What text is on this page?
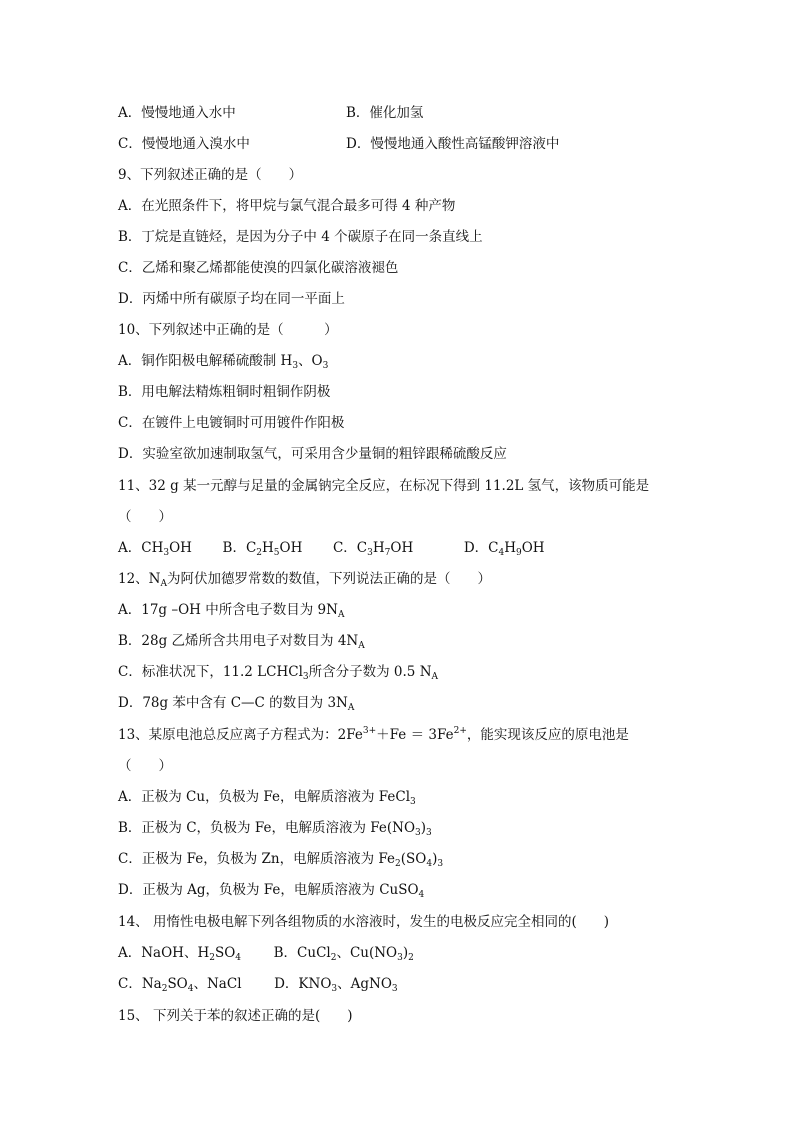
A．慢慢地通入水中	B．催化加氢
C．慢慢地通入溴水中	D．慢慢地通入酸性高锰酸钾溶液中
9、下列叙述正确的是（　　）
A．在光照条件下，将甲烷与氯气混合最多可得 4 种产物
B．丁烷是直链烃，是因为分子中 4 个碳原子在同一条直线上
C．乙烯和聚乙烯都能使溴的四氯化碳溶液褪色
D．丙烯中所有碳原子均在同一平面上
10、下列叙述中正确的是（　　　）
A．铜作阳极电解稀硫酸制 $H_3$、$O_3$
B．用电解法精炼粗铜时粗铜作阴极
C．在镀件上电镀铜时可用镀件作阳极
D．实验室欲加速制取氢气，可采用含少量铜的粗锌跟稀硫酸反应
11、32 g 某一元醇与足量的金属钠完全反应，在标况下得到 11.2L 氢气，该物质可能是
（　　）
A．$CH_3OH$ B．$C_2H_5OH$ C．$C_3H_7OH$	D．$C_4H_9OH$
12、$N_A$为阿伏加德罗常数的数值，下列说法正确的是（　　）
A．17g –OH 中所含电子数目为 $9N_A$
B．28g 乙烯所含共用电子对数目为 $4N_A$
C．标准状况下，11.2 LCHCl$_3$所含分子数为 0.5 $N_A$
D．78g 苯中含有 C—C 的数目为 $3N_A$
13、某原电池总反应离子方程式为：$2Fe^{3+}+Fe = 3Fe^{2+}$，能实现该反应的原电池是
（　　）
A．正极为 Cu，负极为 Fe，电解质溶液为 FeCl$_3$
B．正极为 C，负极为 Fe，电解质溶液为 $Fe(NO_3)_3$
C．正极为 Fe，负极为 Zn，电解质溶液为 $Fe_2(SO_4)_3$
D．正极为 Ag，负极为 Fe，电解质溶液为 CuSO$_4$
14、 用惰性电极电解下列各组物质的水溶液时，发生的电极反应完全相同的(　　)
A．NaOH、$H_2SO_4$ B．CuCl$_2$、$Cu(NO_3)_2$
C．$Na_2SO_4$、NaCl D．$KNO_3$、AgNO$_3$
15、 下列关于苯的叙述正确的是(　　)
